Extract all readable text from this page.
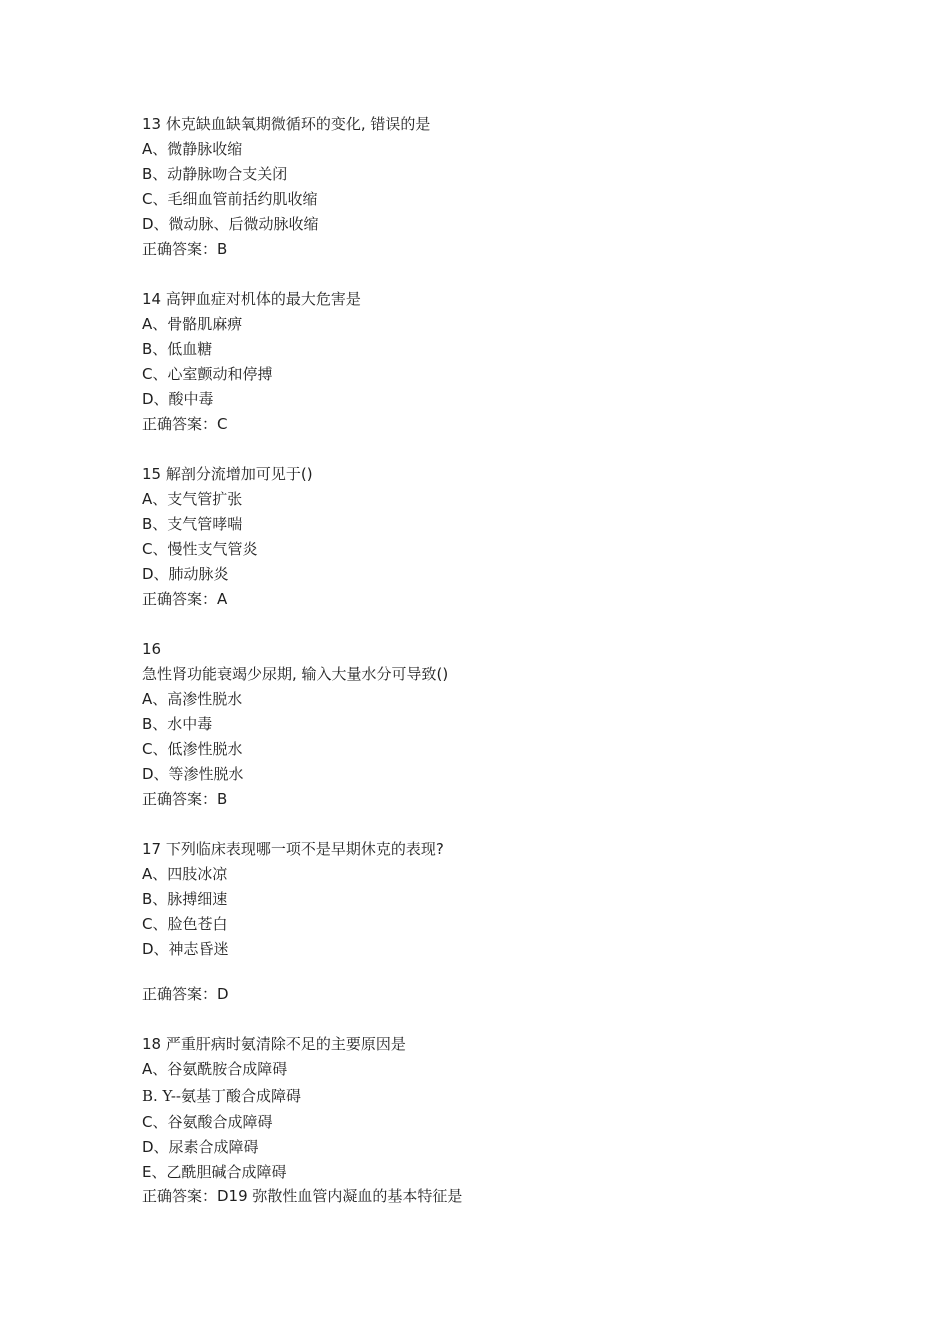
13 休克缺血缺氧期微循环的变化, 错误的是
A、微静脉收缩
B、动静脉吻合支关闭
C、毛细血管前括约肌收缩
D、微动脉、后微动脉收缩
正确答案：B
14 高钾血症对机体的最大危害是
A、骨骼肌麻痹
B、低血糖
C、心室颤动和停搏
D、酸中毒
正确答案：C
15 解剖分流增加可见于()
A、支气管扩张
B、支气管哮喘
C、慢性支气管炎
D、肺动脉炎
正确答案：A
16
急性肾功能衰竭少尿期, 输入大量水分可导致()
A、高渗性脱水
B、水中毒
C、低渗性脱水
D、等渗性脱水
正确答案：B
17 下列临床表现哪一项不是早期休克的表现?
A、四肢冰凉
B、脉搏细速
C、脸色苍白
D、神志昏迷
正确答案：D
18 严重肝病时氨清除不足的主要原因是
A、谷氨酰胺合成障碍
B. Y--氨基丁酸合成障碍
C、谷氨酸合成障碍
D、尿素合成障碍
E、乙酰胆碱合成障碍
正确答案：D19 弥散性血管内凝血的基本特征是
